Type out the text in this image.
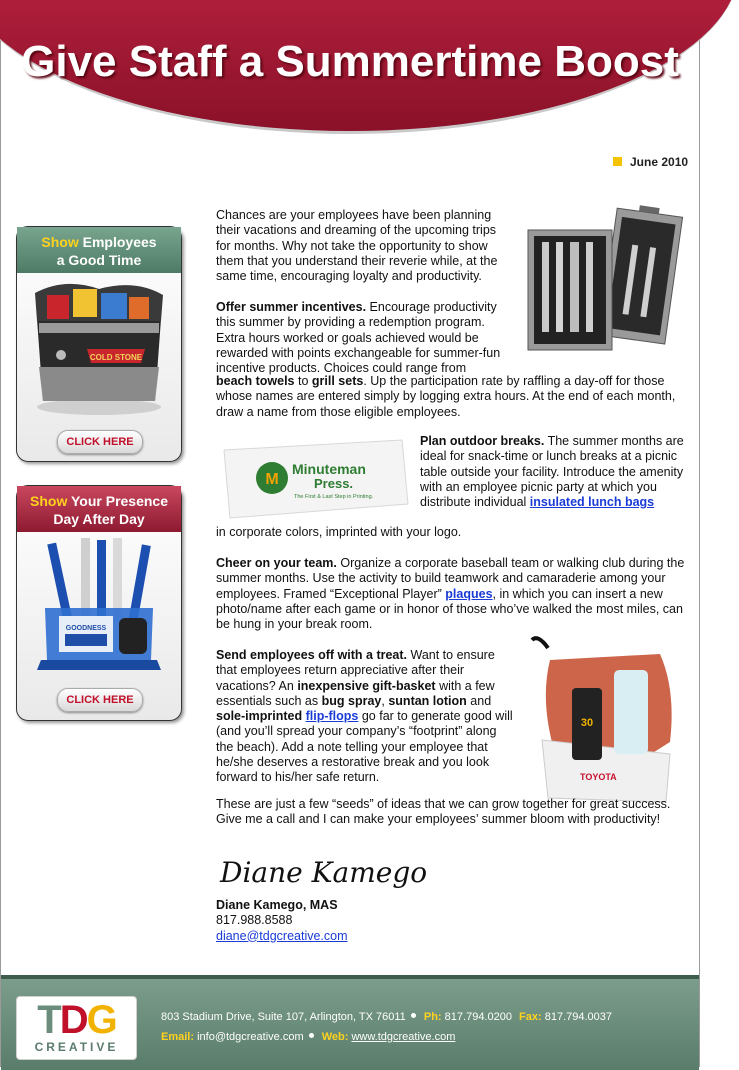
Give Staff a Summertime Boost
June 2010
Show Employees
a Good Time
COLD STONE
CLICK HERE
Show Your Presence
Day After Day
GOODNESS
CLICK HERE
Chances are your employees have been planning their vacations and dreaming of the upcoming trips for months. Why not take the opportunity to show them that you understand their reverie while, at the same time, encouraging loyalty and productivity.
Offer summer incentives. Encourage productivity this summer by providing a redemption program. Extra hours worked or goals achieved would be rewarded with points exchangeable for summer-fun incentive products. Choices could range from
beach towels to grill sets. Up the participation rate by raffling a day-off for those whose names are entered simply by logging extra hours. At the end of each month, draw a name from those eligible employees.
M
Minuteman
Press.
The First & Last Step in Printing.
Plan outdoor breaks. The summer months are ideal for snack-time or lunch breaks at a picnic table outside your facility. Introduce the amenity with an employee picnic party at which you distribute individual insulated lunch bags
in corporate colors, imprinted with your logo.
Cheer on your team. Organize a corporate baseball team or walking club during the summer months. Use the activity to build teamwork and camaraderie among your employees. Framed “Exceptional Player” plaques, in which you can insert a new photo/name after each game or in honor of those who’ve walked the most miles, can be hung in your break room.
30
TOYOTA
Send employees off with a treat. Want to ensure that employees return appreciative after their vacations? An inexpensive gift-basket with a few essentials such as bug spray, suntan lotion and sole-imprinted flip-flops go far to generate good will (and you’ll spread your company’s “footprint” along the beach). Add a note telling your employee that he/she deserves a restorative break and you look forward to his/her safe return.
These are just a few “seeds” of ideas that we can grow together for great success. Give me a call and I can make your employees’ summer bloom with productivity!
Diane Kamego
Diane Kamego, MAS
817.988.8588
diane@tdgcreative.com
TDG
CREATIVE
803 Stadium Drive, Suite 107, Arlington, TX 76011 Ph: 817.794.0200 Fax: 817.794.0037
Email: info@tdgcreative.com Web: www.tdgcreative.com
